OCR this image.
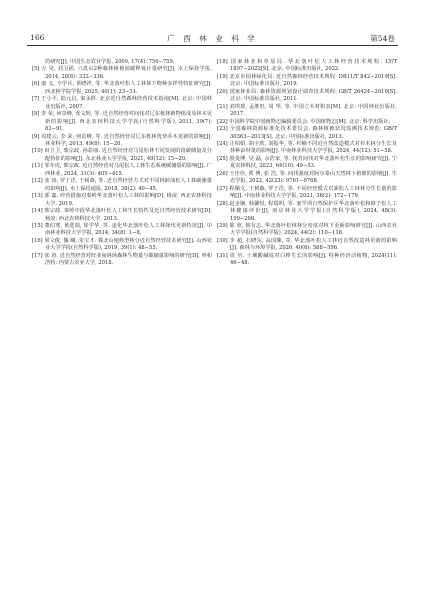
166	广 西 林 业 科 学	第54卷

的研究[J]. 中国生态农业学报, 2009, 17(4): 756−759.

[5] 万 昊, 刘卫团. 六盘山2种森林植被固碳释氧计量研究[J]. 水土保持学报, 2014, 28(6): 332−336.

[6] 康 义, 辛学兵, 黄晓祥, 等. 华北落叶松人工林林下物种多样性特征研究[J]. 西北林学院学报, 2025, 40(1): 23−31.

[7] 王小平, 陆元昌, 秦永胜. 北京近自然森林经营技术指南[M]. 北京: 中国林业出版社, 2007.

[8] 李 荣, 何景峰, 张文辉, 等. 近自然经营对间伐对辽东栎林植物组成及林木更新的影响[J]. 西北农林科技大学学报(自然科学版), 2011, 39(7): 83−91.

[9] 周建云, 李 荣, 何景峰, 等. 近自然经营对辽东栎林优势乔木更新的影响[J]. 林业科学, 2013, 49(8): 15−20.

[10] 田卫卫, 柴宗政, 孙彩丽. 近自然经营对马尾松林不同发展阶段碳储量及分配特征的影响[J]. 东北林业大学学报, 2021, 49(12): 15−20.

[11] 邹冬虎, 柴宗政. 近自然经营对马尾松人工林生态系统碳储量的影响[J]. 广西林业, 2024, 31(3): 405−415.

[12] 张 涛, 罗于洋, 王树森, 等. 近自然经营方式对不同林龄油松人工林碳储量的影响[J]. 水土保持通报, 2018, 38(2): 40−45.

[13] 郭 鑫. 经营措施对秦岭华北落叶松人工林的影响[D]. 杨凌: 西北农林科技大学, 2019.

[14] 柴宗政. 秦岭中段华北落叶松人工林生长特性及近自然经营技术研究[D]. 杨凌: 西北农林科技大学, 2013.

[15] 董伯骞, 黄选瑞, 徐学华, 等. 退化华北落叶松人工林择伐更新特征[J]. 中南林业科技大学学报, 2014, 34(8): 1−8.

[16] 梁文俊, 魏 曦, 朱宝才. 冀北山地典型林分近自然经营技术研究[J]. 山西农业大学学报(自然科学版), 2019, 39(1): 48−55.

[17] 张 涛. 近自然经营对旺业甸林场森林生物量与碳储量影响的研究[D]. 呼和浩特: 内蒙古农业大学, 2018.

[18] 国家林业和草原局. 华北落叶松人工林经营技术规程: LY/T 1897−2022[S]. 北京: 中国标准出版社, 2022.

[19] 北京市园林绿化局. 近自然森林经营技术规程: DB11/T 842−2019[S]. 北京: 中国标准出版社, 2019.

[20] 国家林业局. 森林资源规划设计调查技术规程: GB/T 26424−2010[S]. 北京: 中国标准出版社, 2011.

[21] 刘琪璟, 孟胜旺, 周 华, 等. 中国立木材积表[M]. 北京: 中国林业出版社, 2017.

[22] 中国科学院中国植物志编辑委员会. 中国植物志[M]. 北京: 科学出版社.

[23] 全国森林资源标准化技术委员会. 森林植被状况监测技术规范: GB/T 30363−2013[S]. 北京: 中国标准出版社, 2013.

[24] 汪柏娟, 胡宇欣, 刘振华, 等. 杉楠不同近自然改造模式对杉木林分生长及林种由材量的影响[J]. 中南林业科技大学学报, 2024, 44(12): 51−58.

[25] 殷曼博, 吴 磊, 余浩家, 等. 抚育间伐对华北落叶松生长的影响研究[J]. 宁夏农林科技, 2023, 64(10): 49−53.

[26] 王佳佳, 贾 博, 张 浩, 等. 间伐强度对阿尔泰山天然林下植被的影响[J]. 生态学报, 2022, 42(23): 9761−9768.

[27] 程佩文, 王树森, 罗于洋, 等. 不同经营模式对油松人工林林分生长量的影响[J]. 中南林业科技大学学报, 2021, 36(2): 172−179.

[28] 赵金娴, 韩馨悦, 程瑞明, 等. 塞罕坝自然保护区华北落叶松和樟子松人工林健康评价[J]. 南京林业大学学报(自然科学版), 2024, 48(3): 199−206.

[29] 陈 欣, 韩有志. 华北落叶松林林分密度对林下更新影响研究[J]. 山西农业大学学报(自然科学版), 2024, 44(2): 110−118.

[30] 李 超, 石晓东, 高国臻, 等. 华北落叶松人工林近自然改造林更新的影响[J]. 森林与环境学报, 2020, 40(6): 588−596.

[31] 周 历. 土壤酸碱度对白桦生长的影响[J]. 特种经济动植物, 2024(11): 46−48.
